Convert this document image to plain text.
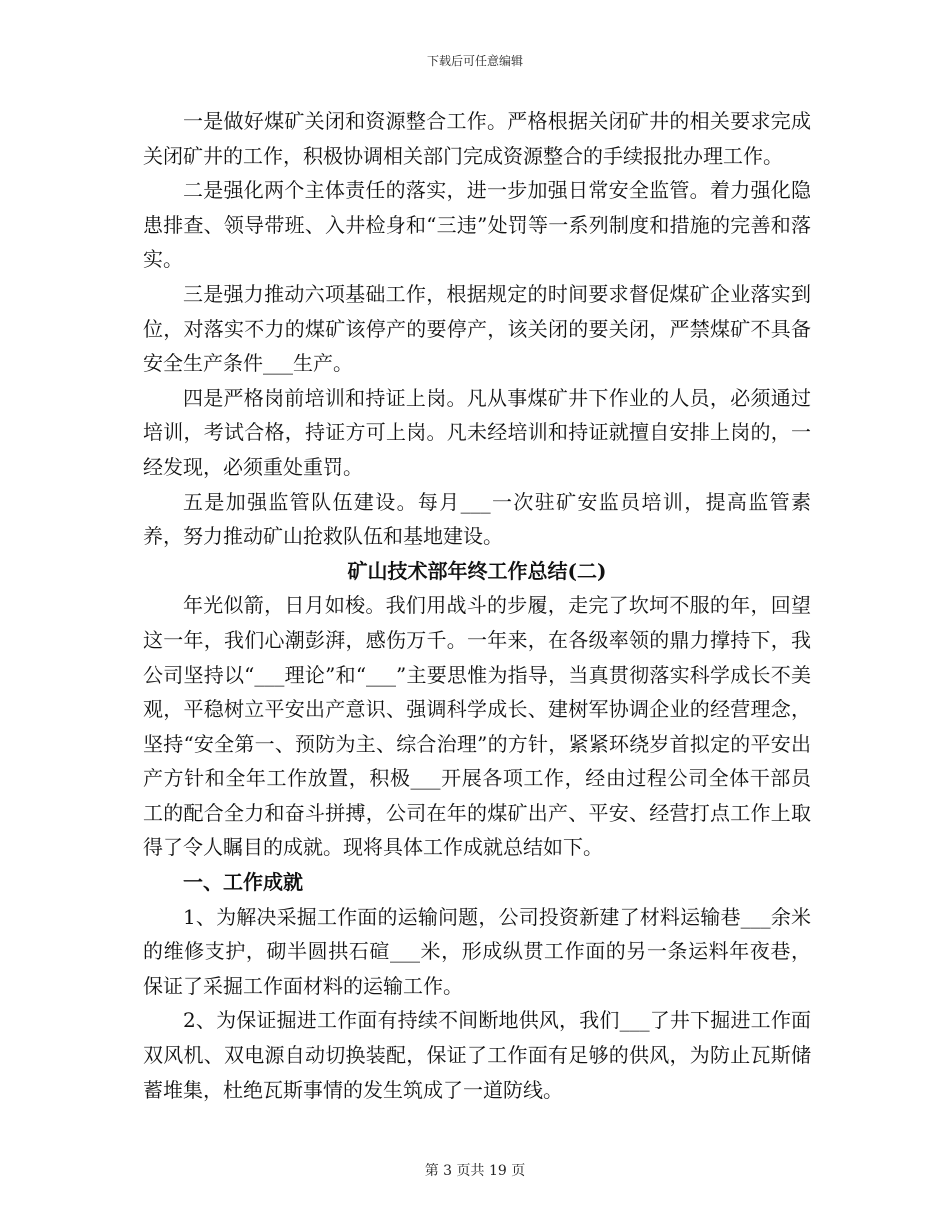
下载后可任意编辑

一是做好煤矿关闭和资源整合工作。严格根据关闭矿井的相关要求完成关闭矿井的工作，积极协调相关部门完成资源整合的手续报批办理工作。

二是强化两个主体责任的落实，进一步加强日常安全监管。着力强化隐患排查、领导带班、入井检身和“三违”处罚等一系列制度和措施的完善和落实。

三是强力推动六项基础工作，根据规定的时间要求督促煤矿企业落实到位，对落实不力的煤矿该停产的要停产，该关闭的要关闭，严禁煤矿不具备安全生产条件___生产。

四是严格岗前培训和持证上岗。凡从事煤矿井下作业的人员，必须通过培训，考试合格，持证方可上岗。凡未经培训和持证就擅自安排上岗的，一经发现，必须重处重罚。

五是加强监管队伍建设。每月___一次驻矿安监员培训，提高监管素养，努力推动矿山抢救队伍和基地建设。

矿山技术部年终工作总结(二)

年光似箭，日月如梭。我们用战斗的步履，走完了坎坷不服的年，回望这一年，我们心潮彭湃，感伤万千。一年来，在各级率领的鼎力撑持下，我公司坚持以“___理论”和“___”主要思惟为指导，当真贯彻落实科学成长不美观，平稳树立平安出产意识、强调科学成长、建树军协调企业的经营理念，坚持“安全第一、预防为主、综合治理”的方针，紧紧环绕岁首拟定的平安出产方针和全年工作放置，积极___开展各项工作，经由过程公司全体干部员工的配合全力和奋斗拼搏，公司在年的煤矿出产、平安、经营打点工作上取得了令人瞩目的成就。现将具体工作成就总结如下。

一、工作成就

1、为解决采掘工作面的运输问题，公司投资新建了材料运输巷___余米的维修支护，砌半圆拱石碹___米，形成纵贯工作面的另一条运料年夜巷，保证了采掘工作面材料的运输工作。

2、为保证掘进工作面有持续不间断地供风，我们___了井下掘进工作面双风机、双电源自动切换装配，保证了工作面有足够的供风，为防止瓦斯储蓄堆集，杜绝瓦斯事情的发生筑成了一道防线。

第 3 页共 19 页
